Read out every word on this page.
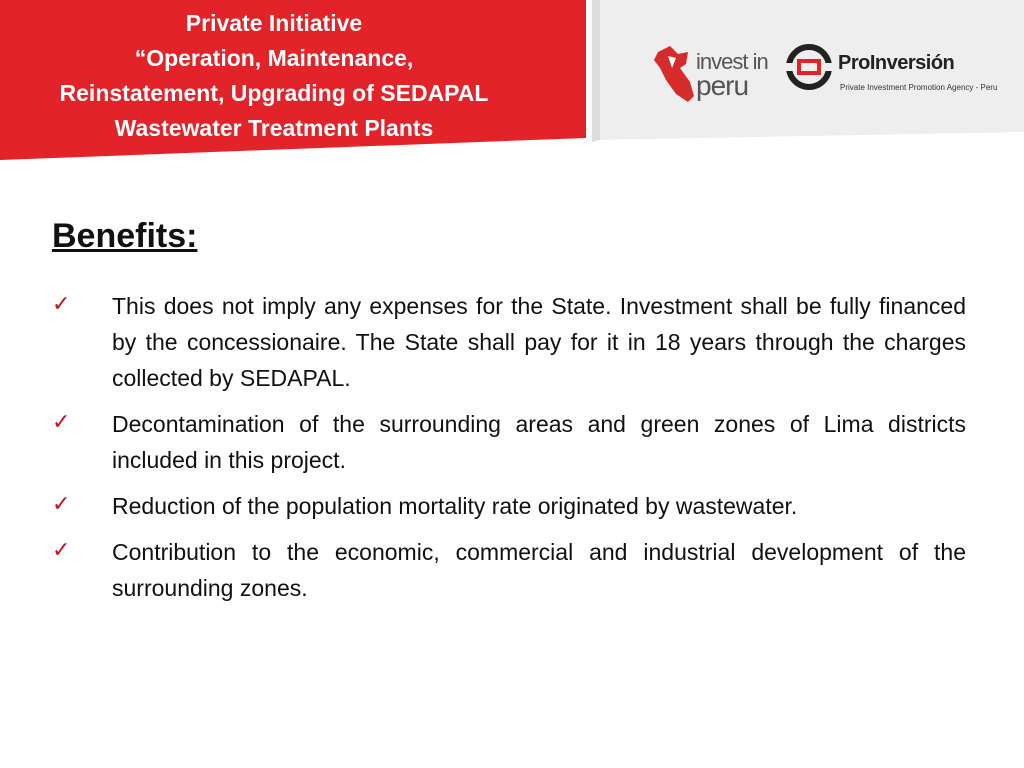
Private Initiative
“Operation, Maintenance,
Reinstatement, Upgrading of SEDAPAL
Wastewater Treatment Plants
invest in
peru
ProInversión
Private Investment Promotion Agency - Peru
Benefits:
✓ This does not imply any expenses for the State. Investment shall be fully financed by the concessionaire. The State shall pay for it in 18 years through the charges collected by SEDAPAL.
✓ Decontamination of the surrounding areas and green zones of Lima districts included in this project.
✓ Reduction of the population mortality rate originated by wastewater.
✓ Contribution to the economic, commercial and industrial development of the surrounding zones.
